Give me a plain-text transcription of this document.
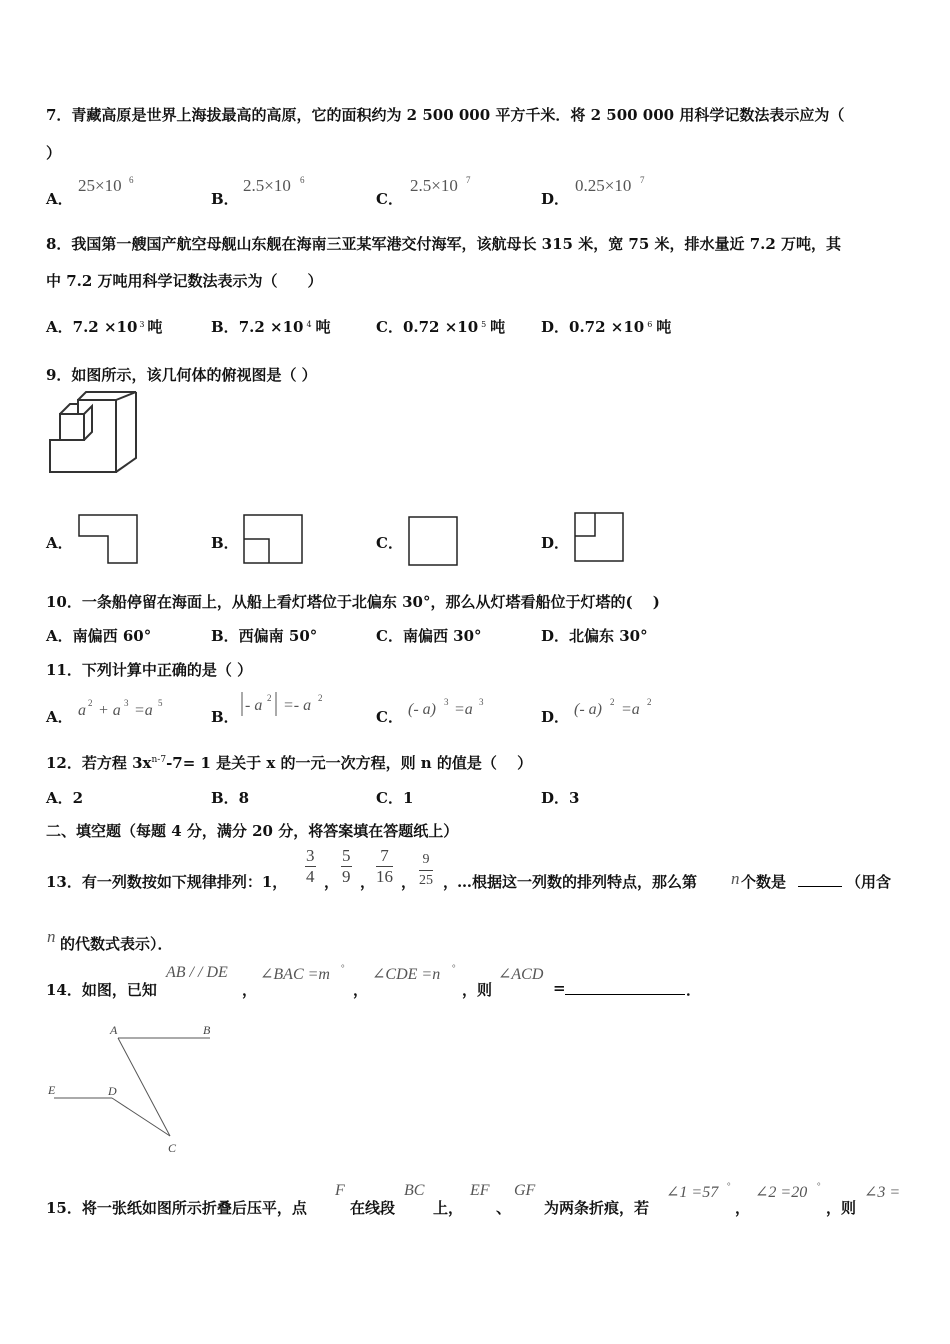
7．青藏高原是世界上海拔最高的高原，它的面积约为 2 500 000 平方千米．将 2 500 000 用科学记数法表示应为（
）
A．
25×10 6
B．
2.5×10 6
C．
2.5×10 7
D．
0.25×10 7
8．我国第一艘国产航空母舰山东舰在海南三亚某军港交付海军，该航母长 315 米，宽 75 米，排水量近 7.2 万吨，其
中 7.2 万吨用科学记数法表示为（　　）
A．7.2 ×10 3 吨	B．7.2 ×10 4 吨	C．0.72 ×10 5 吨 D．0.72 ×10 6 吨
9．如图所示，该几何体的俯视图是（ ）
A．	B．	C．	D．
10．一条船停留在海面上，从船上看灯塔位于北偏东 30°，那么从灯塔看船位于灯塔的(　 )
A．南偏西 60°	B．西偏南 50°	C．南偏西 30°	D．北偏东 30°
11．下列计算中正确的是（ ）
A． a 2 + a 3 =a 5
B．
- a 2 =- a 2
C． (- a) 3 =a 3
D． (- a) 2 =a 2
12．若方程 $3x^{n-7}-7= 1$ 是关于 x 的一元一次方程，则 n 的值是（　 ）
A．2	B．8	C．1	D．3
二、填空题（每题 4 分，满分 20 分，将答案填在答题纸上）
13．有一列数按如下规律排列：1， $\frac{3}{4}$ ， $\frac{5}{9}$ ， $\frac{7}{16}$ ， $\frac{9}{25}$ ，
…根据这一列数的排列特点，那么第 n 个数是	（用含
n 的代数式表示）．
14．如图，已知
AB / / DE
，
∠BAC =m °
，
∠CDE =n °
，则
∠ACD
=	．
A	B
E	D
C
15．将一张纸如图所示折叠后压平，点
F
在线段
BC
上，
EF
、
GF
为两条折痕，若
∠1 =57 °
，
∠2 =20 °
，则
∠3 =
